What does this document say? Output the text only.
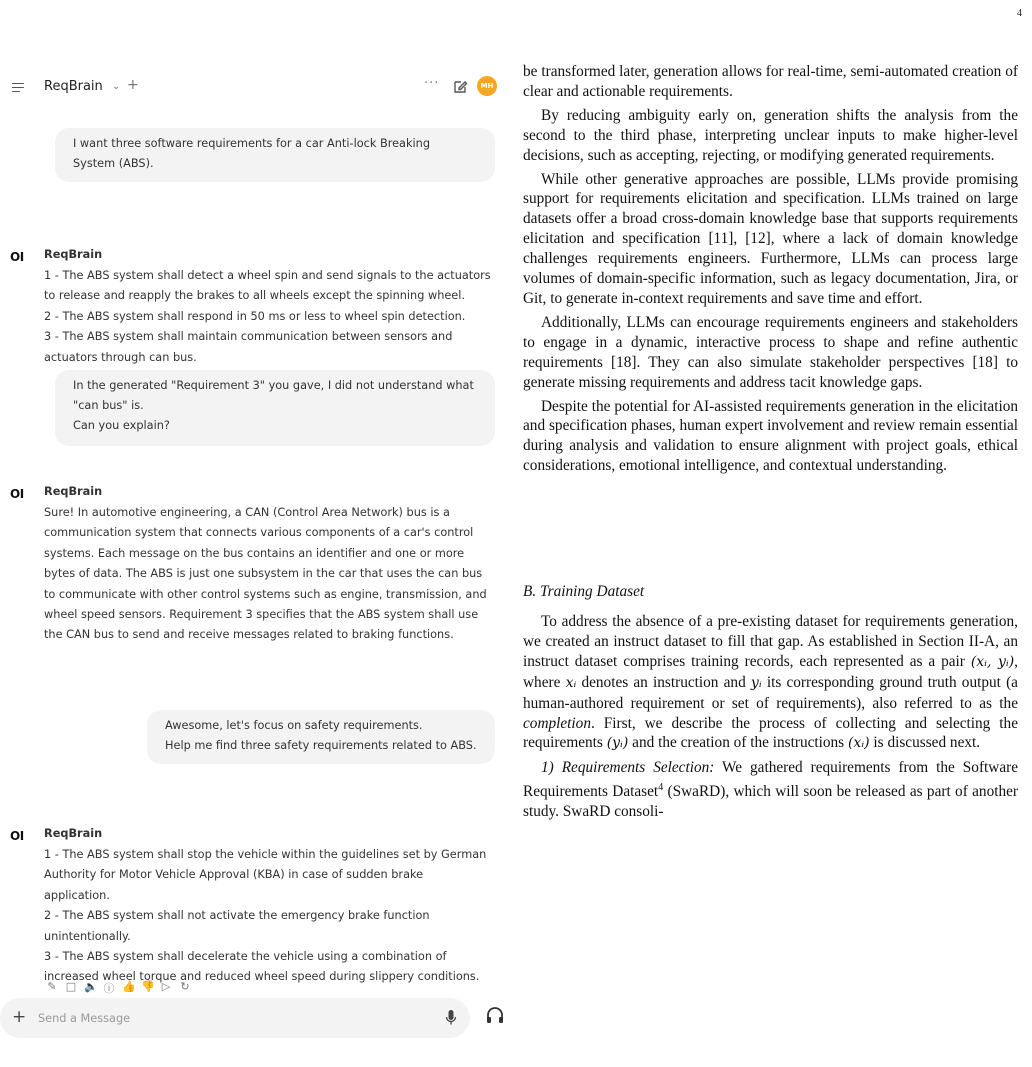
4
ReqBrain ⌄ +	···	MH
I want three software requirements for a car Anti-lock Breaking
System (ABS).
OI ReqBrain
1 - The ABS system shall detect a wheel spin and send signals to the actuators
to release and reapply the brakes to all wheels except the spinning wheel.
2 - The ABS system shall respond in 50 ms or less to wheel spin detection.
3 - The ABS system shall maintain communication between sensors and
actuators through can bus.
In the generated "Requirement 3" you gave, I did not understand what
"can bus" is.
Can you explain?
OI ReqBrain
Sure! In automotive engineering, a CAN (Control Area Network) bus is a
communication system that connects various components of a car's control
systems. Each message on the bus contains an identifier and one or more
bytes of data. The ABS is just one subsystem in the car that uses the can bus
to communicate with other control systems such as engine, transmission, and
wheel speed sensors. Requirement 3 specifies that the ABS system shall use
the CAN bus to send and receive messages related to braking functions.
Awesome, let's focus on safety requirements.
Help me find three safety requirements related to ABS.
OI ReqBrain
1 - The ABS system shall stop the vehicle within the guidelines set by German
Authority for Motor Vehicle Approval (KBA) in case of sudden brake
application.
2 - The ABS system shall not activate the emergency brake function
unintentionally.
3 - The ABS system shall decelerate the vehicle using a combination of
increased wheel torque and reduced wheel speed during slippery conditions.
✎ □ 🔈 ⓘ 👍 👎 ▷ ↻
+
Send a Message

be transformed later, generation allows for real-time, semi-automated creation of clear and actionable requirements.

By reducing ambiguity early on, generation shifts the analysis from the second to the third phase, interpreting unclear inputs to make higher-level decisions, such as accepting, rejecting, or modifying generated requirements.

While other generative approaches are possible, LLMs provide promising support for requirements elicitation and specification. LLMs trained on large datasets offer a broad cross-domain knowledge base that supports requirements elicitation and specification [11], [12], where a lack of domain knowledge challenges requirements engineers. Furthermore, LLMs can process large volumes of domain-specific information, such as legacy documentation, Jira, or Git, to generate in-context requirements and save time and effort.

Additionally, LLMs can encourage requirements engineers and stakeholders to engage in a dynamic, interactive process to shape and refine authentic requirements [18]. They can also simulate stakeholder perspectives [18] to generate missing requirements and address tacit knowledge gaps.

Despite the potential for AI-assisted requirements generation in the elicitation and specification phases, human expert involvement and review remain essential during analysis and validation to ensure alignment with project goals, ethical considerations, emotional intelligence, and contextual understanding.

B. Training Dataset

To address the absence of a pre-existing dataset for requirements generation, we created an instruct dataset to fill that gap. As established in Section II-A, an instruct dataset comprises training records, each represented as a pair (xᵢ, yᵢ), where xᵢ denotes an instruction and yᵢ its corresponding ground truth output (a human-authored requirement or set of requirements), also referred to as the completion. First, we describe the process of collecting and selecting the requirements (yᵢ) and the creation of the instructions (xᵢ) is discussed next.

1) Requirements Selection: We gathered requirements from the Software Requirements Dataset$^4$ (SwaRD), which will soon be released as part of another study. SwaRD consoli-
